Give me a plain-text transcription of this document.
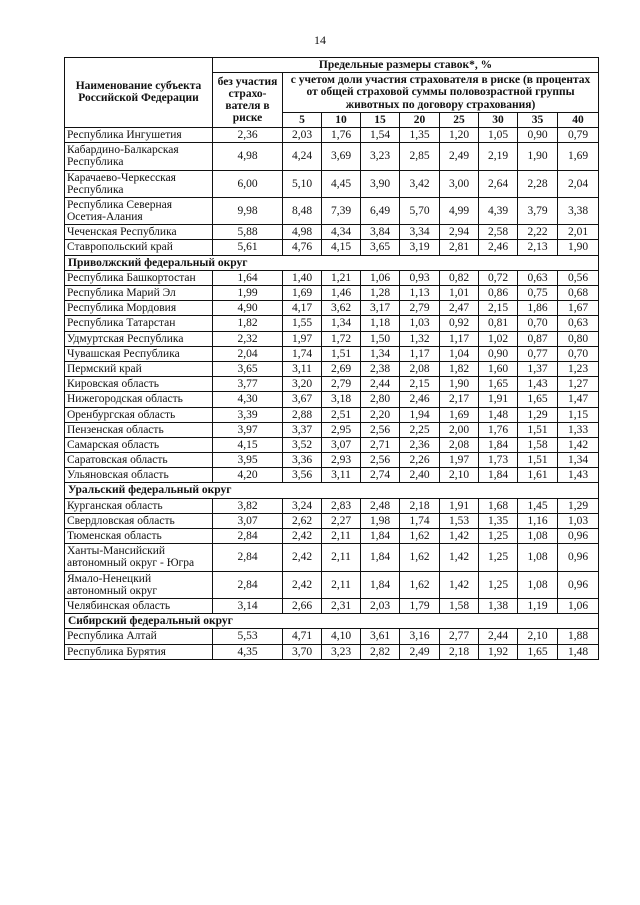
14
Наименование субъекта Российской Федерации	Предельные размеры ставок*, %								
	без участия страхо-вателя в риске	с учетом доли участия страхователя в риске (в процентах от общей страховой суммы половозрастной группы животных по договору страхования)							
		5	10	15	20	25	30	35	40
Республика Ингушетия	2,36	2,03	1,76	1,54	1,35	1,20	1,05	0,90	0,79
Кабардино-Балкарская Республика	4,98	4,24	3,69	3,23	2,85	2,49	2,19	1,90	1,69
Карачаево-Черкесская Республика	6,00	5,10	4,45	3,90	3,42	3,00	2,64	2,28	2,04
Республика Северная Осетия-Алания	9,98	8,48	7,39	6,49	5,70	4,99	4,39	3,79	3,38
Чеченская Республика	5,88	4,98	4,34	3,84	3,34	2,94	2,58	2,22	2,01
Ставропольский край	5,61	4,76	4,15	3,65	3,19	2,81	2,46	2,13	1,90
Приволжский федеральный округ									
Республика Башкортостан	1,64	1,40	1,21	1,06	0,93	0,82	0,72	0,63	0,56
Республика Марий Эл	1,99	1,69	1,46	1,28	1,13	1,01	0,86	0,75	0,68
Республика Мордовия	4,90	4,17	3,62	3,17	2,79	2,47	2,15	1,86	1,67
Республика Татарстан	1,82	1,55	1,34	1,18	1,03	0,92	0,81	0,70	0,63
Удмуртская Республика	2,32	1,97	1,72	1,50	1,32	1,17	1,02	0,87	0,80
Чувашская Республика	2,04	1,74	1,51	1,34	1,17	1,04	0,90	0,77	0,70
Пермский край	3,65	3,11	2,69	2,38	2,08	1,82	1,60	1,37	1,23
Кировская область	3,77	3,20	2,79	2,44	2,15	1,90	1,65	1,43	1,27
Нижегородская область	4,30	3,67	3,18	2,80	2,46	2,17	1,91	1,65	1,47
Оренбургская область	3,39	2,88	2,51	2,20	1,94	1,69	1,48	1,29	1,15
Пензенская область	3,97	3,37	2,95	2,56	2,25	2,00	1,76	1,51	1,33
Самарская область	4,15	3,52	3,07	2,71	2,36	2,08	1,84	1,58	1,42
Саратовская область	3,95	3,36	2,93	2,56	2,26	1,97	1,73	1,51	1,34
Ульяновская область	4,20	3,56	3,11	2,74	2,40	2,10	1,84	1,61	1,43
Уральский федеральный округ									
Курганская область	3,82	3,24	2,83	2,48	2,18	1,91	1,68	1,45	1,29
Свердловская область	3,07	2,62	2,27	1,98	1,74	1,53	1,35	1,16	1,03
Тюменская область	2,84	2,42	2,11	1,84	1,62	1,42	1,25	1,08	0,96
Ханты-Мансийский автономный округ - Югра	2,84	2,42	2,11	1,84	1,62	1,42	1,25	1,08	0,96
Ямало-Ненецкий автономный округ	2,84	2,42	2,11	1,84	1,62	1,42	1,25	1,08	0,96
Челябинская область	3,14	2,66	2,31	2,03	1,79	1,58	1,38	1,19	1,06
Сибирский федеральный округ									
Республика Алтай	5,53	4,71	4,10	3,61	3,16	2,77	2,44	2,10	1,88
Республика Бурятия	4,35	3,70	3,23	2,82	2,49	2,18	1,92	1,65	1,48
